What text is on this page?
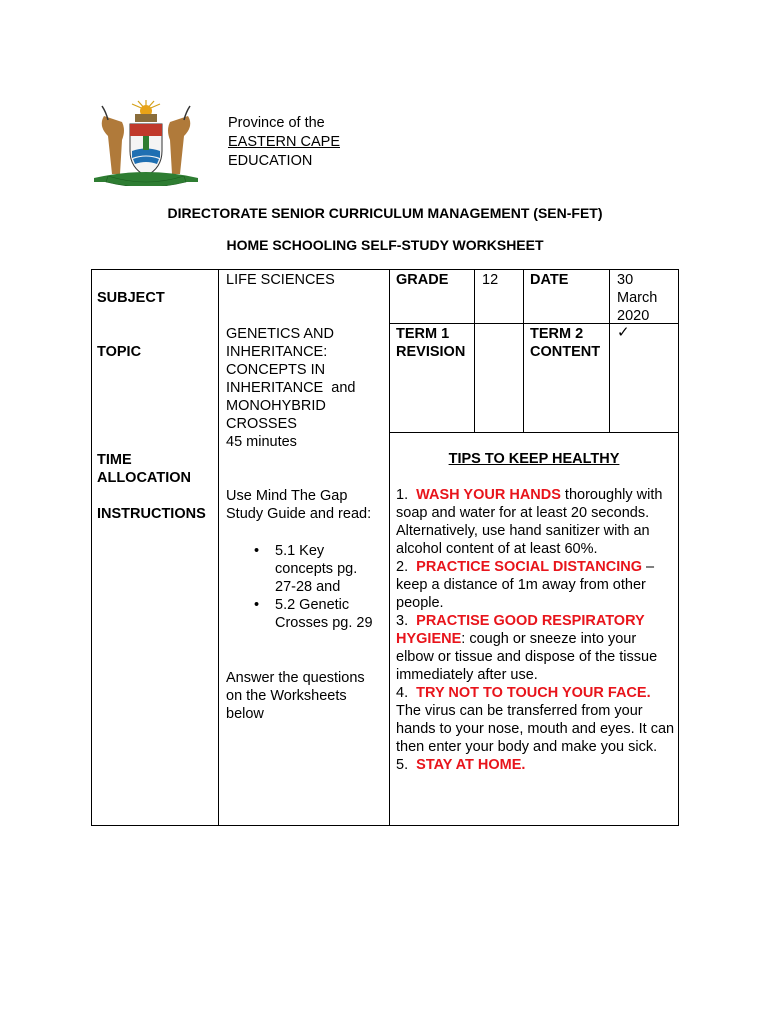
Province of the
EASTERN CAPE
EDUCATION
DIRECTORATE SENIOR CURRICULUM MANAGEMENT (SEN-FET)
HOME SCHOOLING SELF-STUDY WORKSHEET
SUBJECT
LIFE SCIENCES	GRADE 12 DATE	30
March
2020
TOPIC
GENETICS AND
INHERITANCE:
CONCEPTS IN
INHERITANCE  and
MONOHYBRID
CROSSES
TERM 1
REVISION
TERM 2
CONTENT
✓
45 minutes
TIME
ALLOCATION
INSTRUCTIONS
Use Mind The Gap
Study Guide and read:
• 5.1 Key
concepts pg.
27-28 and
• 5.2 Genetic
Crosses pg. 29
Answer the questions
on the Worksheets
below
TIPS TO KEEP HEALTHY

1.  WASH YOUR HANDS thoroughly with soap and water for at least 20 seconds. Alternatively, use hand sanitizer with an alcohol content of at least 60%.

2.  PRACTICE SOCIAL DISTANCING – keep a distance of 1m away from other people.

3.  PRACTISE GOOD RESPIRATORY HYGIENE: cough or sneeze into your elbow or tissue and dispose of the tissue immediately after use.

4.  TRY NOT TO TOUCH YOUR FACE. The virus can be transferred from your hands to your nose, mouth and eyes. It can then enter your body and make you sick.

5.  STAY AT HOME.
